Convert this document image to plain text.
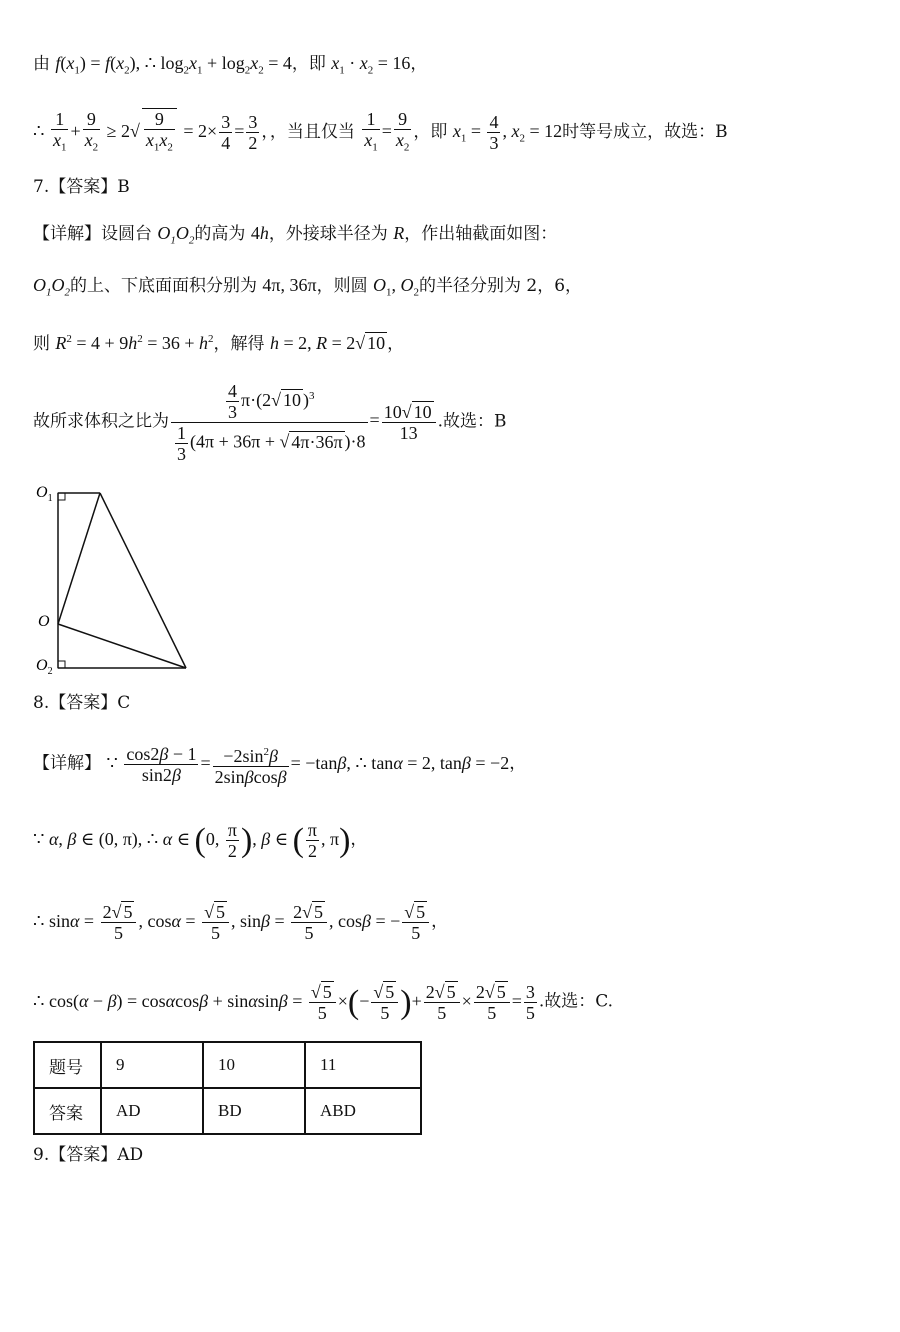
由 $f(x_1) = f(x_2)$, ∴ $\log_2x_1 + \log_2x_2 = 4$，即 $x_1 \cdot x_2 = 16$，
∴ $\frac{1}{x_1} + \frac{9}{x_2} \ge 2√ \frac{9}{x_1x_2} = 2\times \frac{3}{4} = \frac{3}{2}$ ，，当且仅当 $\frac{1}{x_1} = \frac{9}{x_2}$ ，即 $x_1 = \frac{4}{3}$ , $x_2 = 12$时等号成立，故选：B
7.【答案】B
【详解】设圆台 $O_1O_2$的高为 4h，外接球半径为 R，作出轴截面如图：
$O_1O_2$的上、下底面面积分别为 4π, 36π，则圆 $O_1$, $O_2$的半径分别为 2，6，
则 $R^2 = 4 + 9h^2 = 36 + h^2$，解得 h = 2, R = 2√ 10 ，
故所求体积之比为 $\frac{\frac{4}{3} \pi\cdot(2√ 10 )^3}{\frac{1}{3} (4\pi + 36\pi + √ 4\pi\cdot 36\pi )\cdot 8} = \frac{10√ 10}{13}$ .故选：B
$O_1$
O
$O_2$
8.【答案】C
【详解】 ∵ $\frac{\cos 2\beta - 1}{\sin 2\beta} = \frac{-2\sin^2\beta}{2\sin\beta\cos\beta} = -\tan\beta$, ∴ tanα = 2, tanβ = −2，
∵ α, β ∈ (0, π), ∴ α ∈ (0, $\frac{\pi}{2}$ ), β ∈ ( $\frac{\pi}{2}$ , π)，
∴ $\sin\alpha = \frac{2√ 5}{5}$ , $\cos\alpha = \frac{√ 5}{5}$ , $\sin\beta = \frac{2√ 5}{5}$ , cosβ = − $\frac{√ 5}{5}$ ，
∴ $\cos(\alpha - \beta) = \cos\alpha\cos\beta + \sin\alpha\sin\beta = \frac{√ 5}{5}$ ×(− $\frac{√ 5}{5}$ )+ $\frac{2√ 5}{5} \times \frac{2√ 5}{5} = \frac{3}{5}$ .故选：C.
题号	9	10	11
答案	AD	BD	ABD
9.【答案】AD
